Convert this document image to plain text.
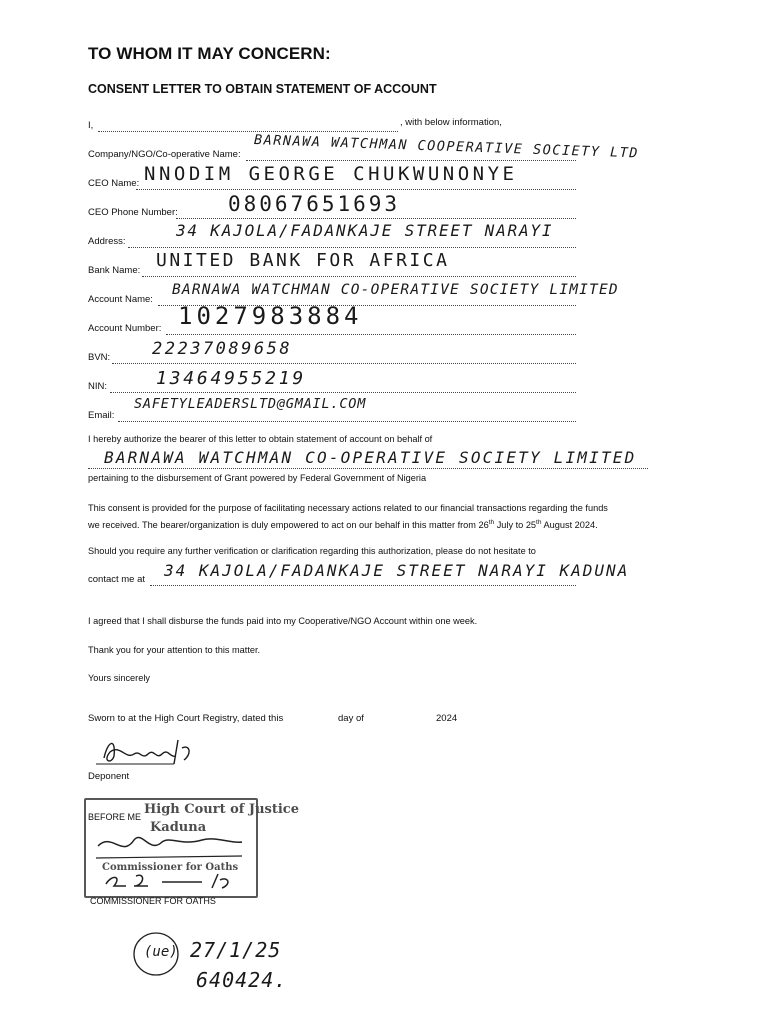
TO WHOM IT MAY CONCERN:
CONSENT LETTER TO OBTAIN STATEMENT OF ACCOUNT
I,	, with below information,
Company/NGO/Co-operative Name: BARNAWA WATCHMAN COOPERATIVE SOCIETY LTD
CEO Name: NNODIM GEORGE CHUKWUNONYE
CEO Phone Number: 08067651693
Address:
34 KAJOLA/FADANKAJE STREET NARAYI
Bank Name: UNITED BANK FOR AFRICA
Account Name:
BARNAWA WATCHMAN CO-OPERATIVE SOCIETY LIMITED
Account Number: 1027983884
BVN: 22237089658
NIN:	13464955219
Email:
SAFETYLEADERSLTD@GMAIL.COM
I hereby authorize the bearer of this letter to obtain statement of account on behalf of
BARNAWA WATCHMAN CO-OPERATIVE SOCIETY LIMITED
pertaining to the disbursement of Grant powered by Federal Government of Nigeria
This consent is provided for the purpose of facilitating necessary actions related to our financial transactions regarding the funds
we received. The bearer/organization is duly empowered to act on our behalf in this matter from 26th July to 25th August 2024.
Should you require any further verification or clarification regarding this authorization, please do not hesitate to
contact me at 34 KAJOLA/FADANKAJE STREET NARAYI KADUNA
I agreed that I shall disburse the funds paid into my Cooperative/NGO Account within one week.
Thank you for your attention to this matter.
Yours sincerely
Sworn to at the High Court Registry, dated this	day of	2024
Deponent
High Court of Justice
Kaduna
Commissioner for Oaths
BEFORE ME
COMMISSIONER FOR OATHS
(ue) 27/1/25
640424.
